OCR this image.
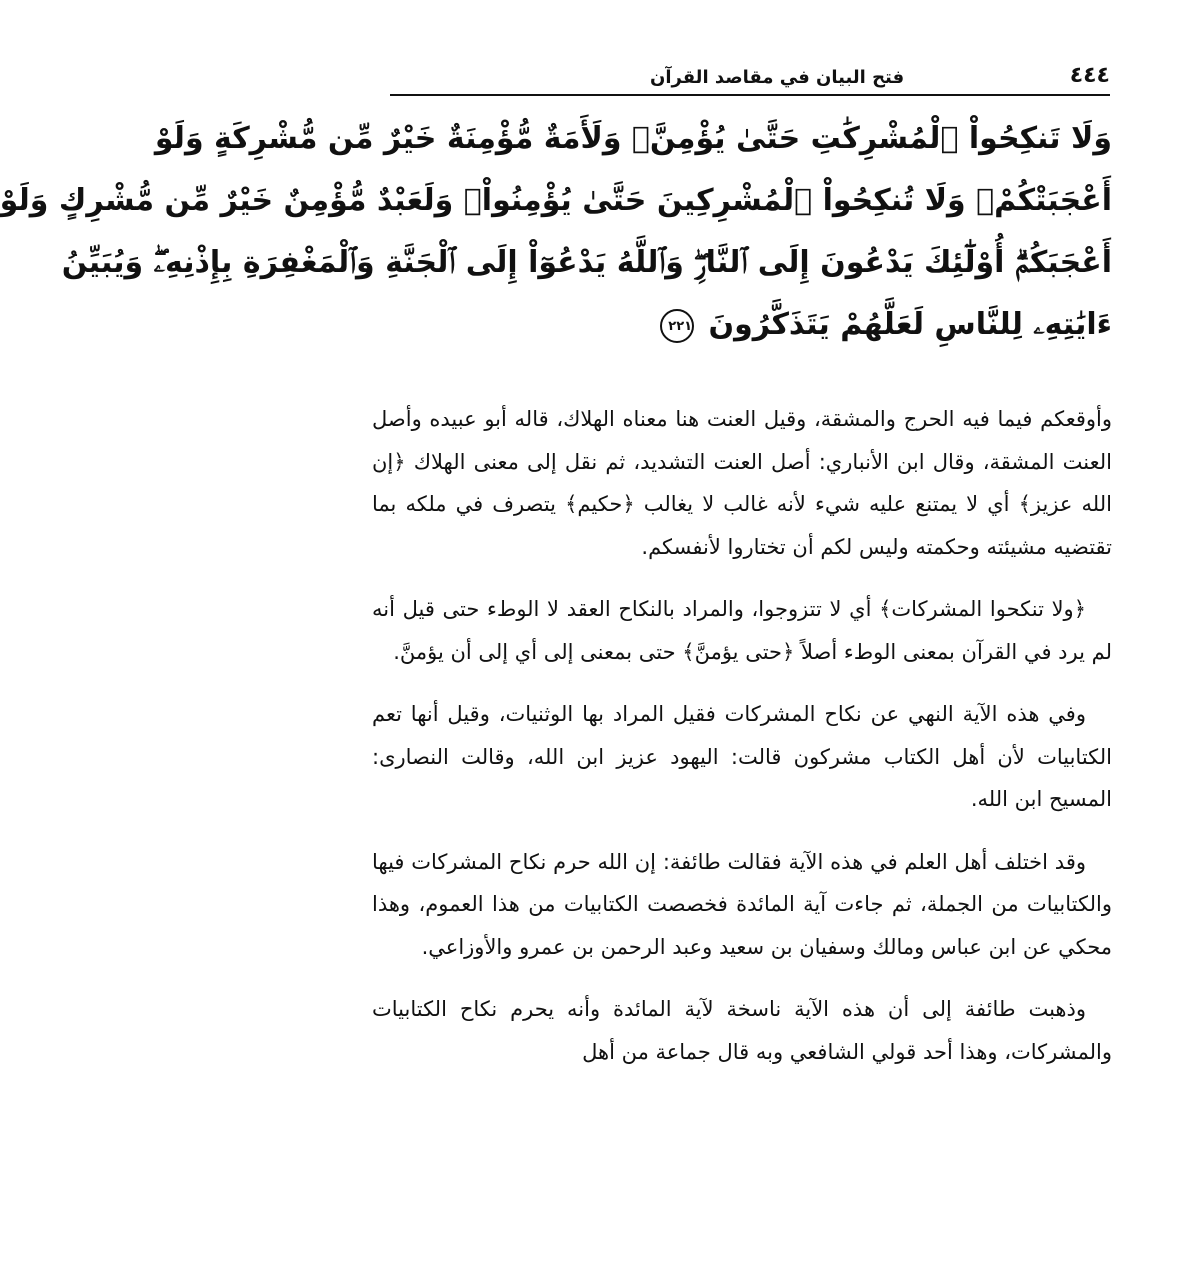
٤٤٤
فتح البيان في مقاصد القرآن
وَلَا تَنكِحُواْ ٱلْمُشْرِكَٰتِ حَتَّىٰ يُؤْمِنَّۚ وَلَأَمَةٌ مُّؤْمِنَةٌ خَيْرٌ مِّن مُّشْرِكَةٍ وَلَوْ
أَعْجَبَتْكُمْۗ وَلَا تُنكِحُواْ ٱلْمُشْرِكِينَ حَتَّىٰ يُؤْمِنُواْۚ وَلَعَبْدٌ مُّؤْمِنٌ خَيْرٌ مِّن مُّشْرِكٍ وَلَوْ
أَعْجَبَكُمْۗ أُوْلَٰٓئِكَ يَدْعُونَ إِلَى ٱلنَّارِۖ وَٱللَّهُ يَدْعُوٓاْ إِلَى ٱلْجَنَّةِ وَٱلْمَغْفِرَةِ بِإِذْنِهِۦۖ وَيُبَيِّنُ
ءَايَٰتِهِۦ لِلنَّاسِ لَعَلَّهُمْ يَتَذَكَّرُونَ ٢٢١

وأوقعكم فيما فيه الحرج والمشقة، وقيل العنت هنا معناه الهلاك، قاله أبو عبيده وأصل العنت المشقة، وقال ابن الأنباري: أصل العنت التشديد، ثم نقل إلى معنى الهلاك ﴿إن الله عزيز﴾ أي لا يمتنع عليه شيء لأنه غالب لا يغالب ﴿حكيم﴾ يتصرف في ملكه بما تقتضيه مشيئته وحكمته وليس لكم أن تختاروا لأنفسكم.

﴿ولا تنكحوا المشركات﴾ أي لا تتزوجوا، والمراد بالنكاح العقد لا الوطء حتى قيل أنه لم يرد في القرآن بمعنى الوطء أصلاً ﴿حتى يؤمنَّ﴾ حتى بمعنى إلى أي إلى أن يؤمنَّ.

وفي هذه الآية النهي عن نكاح المشركات فقيل المراد بها الوثنيات، وقيل أنها تعم الكتابيات لأن أهل الكتاب مشركون قالت: اليهود عزيز ابن الله، وقالت النصارى: المسيح ابن الله.

وقد اختلف أهل العلم في هذه الآية فقالت طائفة: إن الله حرم نكاح المشركات فيها والكتابيات من الجملة، ثم جاءت آية المائدة فخصصت الكتابيات من هذا العموم، وهذا محكي عن ابن عباس ومالك وسفيان بن سعيد وعبد الرحمن بن عمرو والأوزاعي.

وذهبت طائفة إلى أن هذه الآية ناسخة لآية المائدة وأنه يحرم نكاح الكتابيات والمشركات، وهذا أحد قولي الشافعي وبه قال جماعة من أهل
